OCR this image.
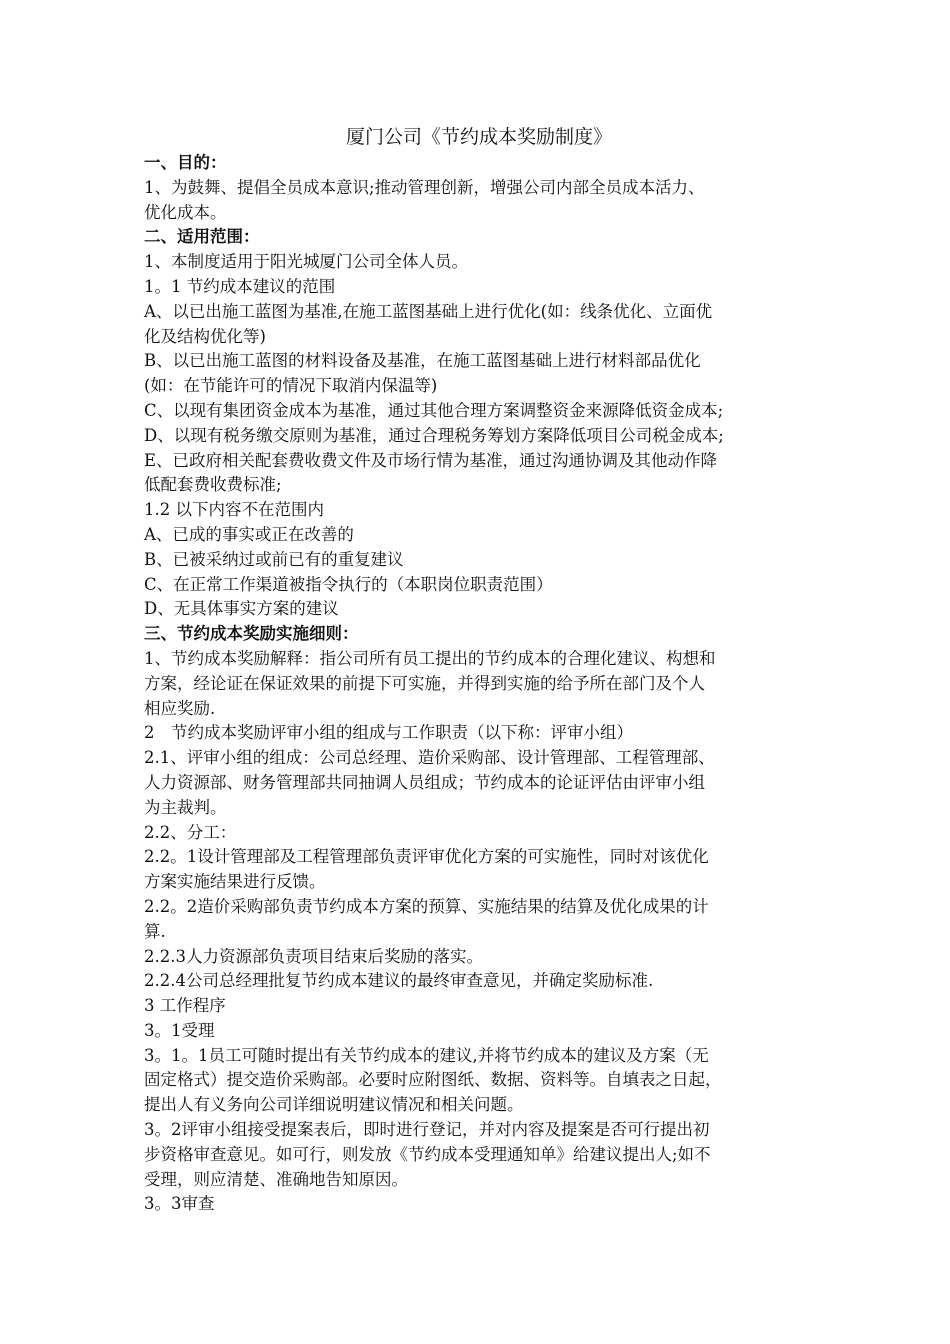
厦门公司《节约成本奖励制度》

一、目的：

1、为鼓舞、提倡全员成本意识;推动管理创新，增强公司内部全员成本活力、

优化成本。

二、适用范围：

1、本制度适用于阳光城厦门公司全体人员。

1。1 节约成本建议的范围

A、以已出施工蓝图为基准,在施工蓝图基础上进行优化(如：线条优化、立面优

化及结构优化等)

B、以已出施工蓝图的材料设备及基准，在施工蓝图基础上进行材料部品优化

(如：在节能许可的情况下取消内保温等)

C、以现有集团资金成本为基准，通过其他合理方案调整资金来源降低资金成本;

D、以现有税务缴交原则为基准，通过合理税务筹划方案降低项目公司税金成本;

E、已政府相关配套费收费文件及市场行情为基准，通过沟通协调及其他动作降

低配套费收费标准;

1.2 以下内容不在范围内

A、已成的事实或正在改善的

B、已被采纳过或前已有的重复建议

C、在正常工作渠道被指令执行的（本职岗位职责范围）

D、无具体事实方案的建议

三、节约成本奖励实施细则：

1、节约成本奖励解释：指公司所有员工提出的节约成本的合理化建议、构想和

方案，经论证在保证效果的前提下可实施，并得到实施的给予所在部门及个人

相应奖励.

2　节约成本奖励评审小组的组成与工作职责（以下称：评审小组）

2.1、评审小组的组成：公司总经理、造价采购部、设计管理部、工程管理部、

人力资源部、财务管理部共同抽调人员组成；节约成本的论证评估由评审小组

为主裁判。

2.2、分工：

2.2。1设计管理部及工程管理部负责评审优化方案的可实施性，同时对该优化

方案实施结果进行反馈。

2.2。2造价采购部负责节约成本方案的预算、实施结果的结算及优化成果的计

算.

2.2.3人力资源部负责项目结束后奖励的落实。

2.2.4公司总经理批复节约成本建议的最终审查意见，并确定奖励标准.

3 工作程序

3。1受理

3。1。1员工可随时提出有关节约成本的建议,并将节约成本的建议及方案（无

固定格式）提交造价采购部。必要时应附图纸、数据、资料等。自填表之日起，

提出人有义务向公司详细说明建议情况和相关问题。

3。2评审小组接受提案表后，即时进行登记，并对内容及提案是否可行提出初

步资格审查意见。如可行，则发放《节约成本受理通知单》给建议提出人;如不

受理，则应清楚、准确地告知原因。

3。3审查
